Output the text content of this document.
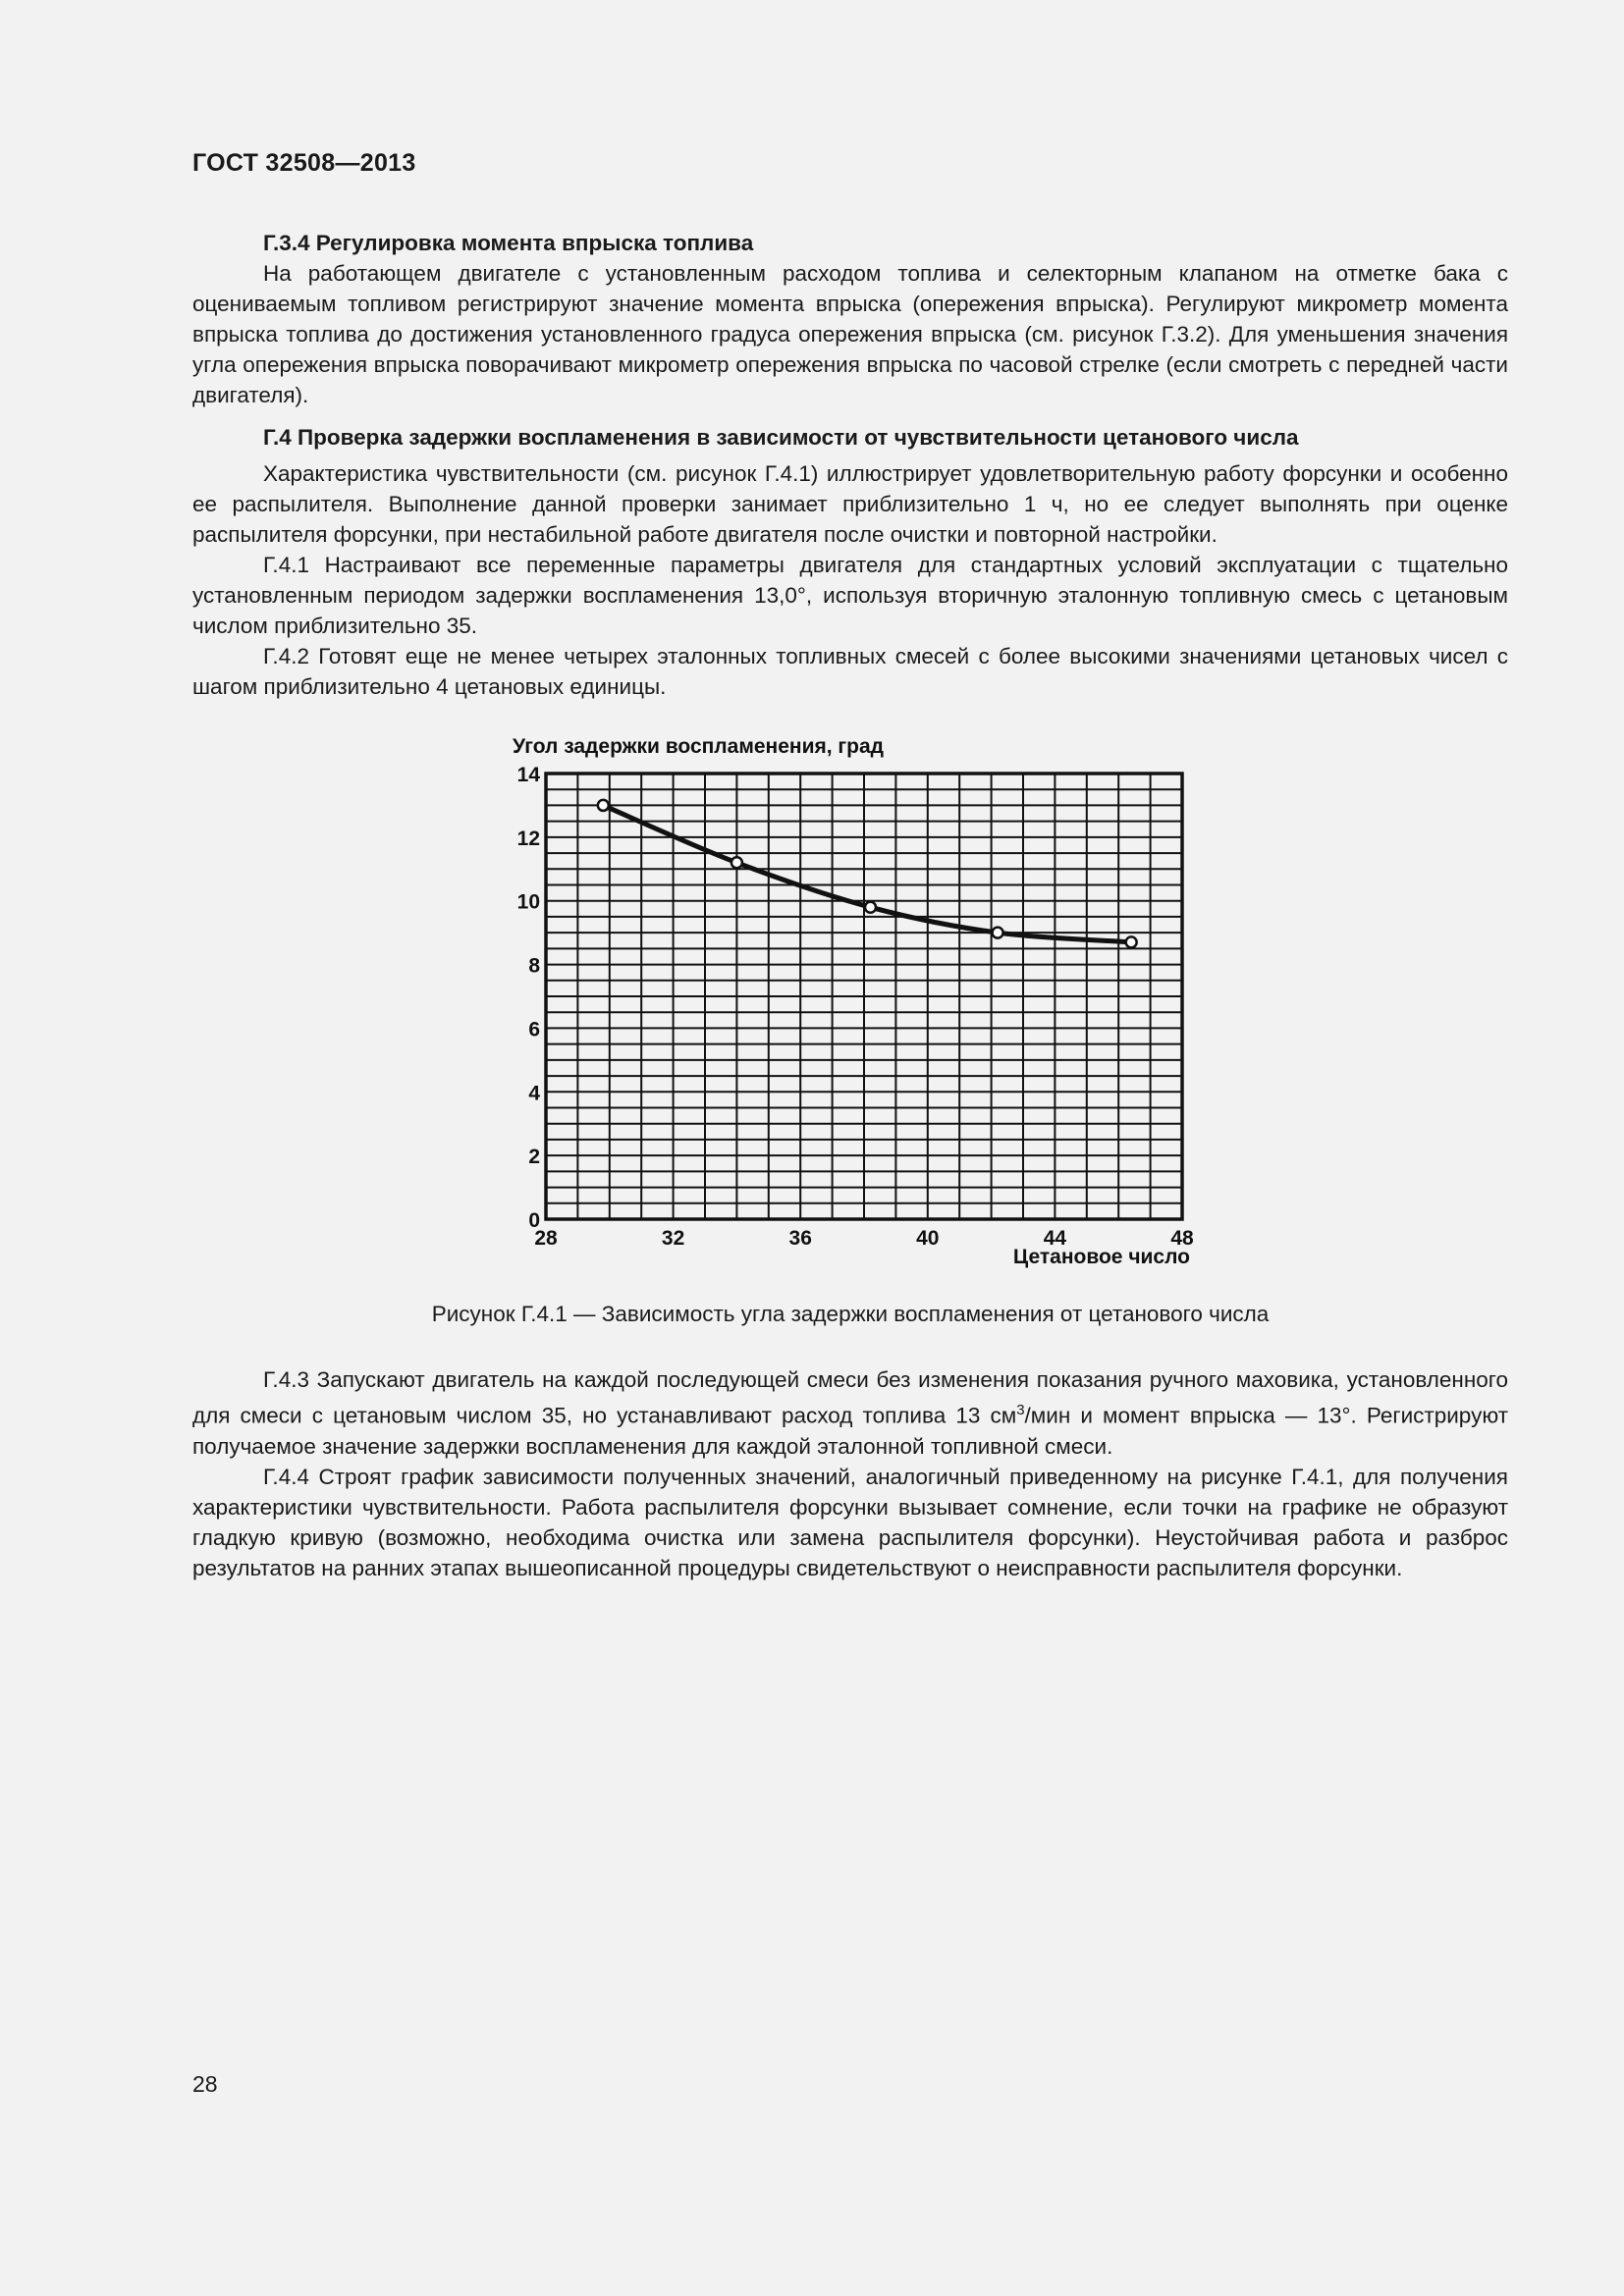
ГОСТ 32508—2013

Г.3.4 Регулировка момента впрыска топлива

На работающем двигателе с установленным расходом топлива и селекторным клапаном на отметке бака с оцениваемым топливом регистрируют значение момента впрыска (опережения впрыска). Регулируют микрометр момента впрыска топлива до достижения установленного градуса опережения впрыска (см. рисунок Г.3.2). Для уменьшения значения угла опережения впрыска поворачивают микрометр опережения впрыска по часовой стрелке (если смотреть с передней части двигателя).

Г.4 Проверка задержки воспламенения в зависимости от чувствительности цетанового числа

Характеристика чувствительности (см. рисунок Г.4.1) иллюстрирует удовлетворительную работу форсунки и особенно ее распылителя. Выполнение данной проверки занимает приблизительно 1 ч, но ее следует выполнять при оценке распылителя форсунки, при нестабильной работе двигателя после очистки и повторной настройки.

Г.4.1 Настраивают все переменные параметры двигателя для стандартных условий эксплуатации с тщательно установленным периодом задержки воспламенения 13,0°, используя вторичную эталонную топливную смесь с цетановым числом приблизительно 35.

Г.4.2 Готовят еще не менее четырех эталонных топливных смесей с более высокими значениями цетановых чисел с шагом приблизительно 4 цетановых единицы.

28	32	36	40	44	48
0
2
4
6
8
10
12
14
Угол задержки воспламенения, град
Цетановое число
Рисунок Г.4.1 — Зависимость угла задержки воспламенения от цетанового числа

Г.4.3 Запускают двигатель на каждой последующей смеси без изменения показания ручного маховика, установленного для смеси с цетановым числом 35, но устанавливают расход топлива 13 $см^3$/мин и момент впрыска — 13°. Регистрируют получаемое значение задержки воспламенения для каждой эталонной топливной смеси.

Г.4.4 Строят график зависимости полученных значений, аналогичный приведенному на рисунке Г.4.1, для получения характеристики чувствительности. Работа распылителя форсунки вызывает сомнение, если точки на графике не образуют гладкую кривую (возможно, необходима очистка или замена распылителя форсунки). Неустойчивая работа и разброс результатов на ранних этапах вышеописанной процедуры свидетельствуют о неисправности распылителя форсунки.

28
